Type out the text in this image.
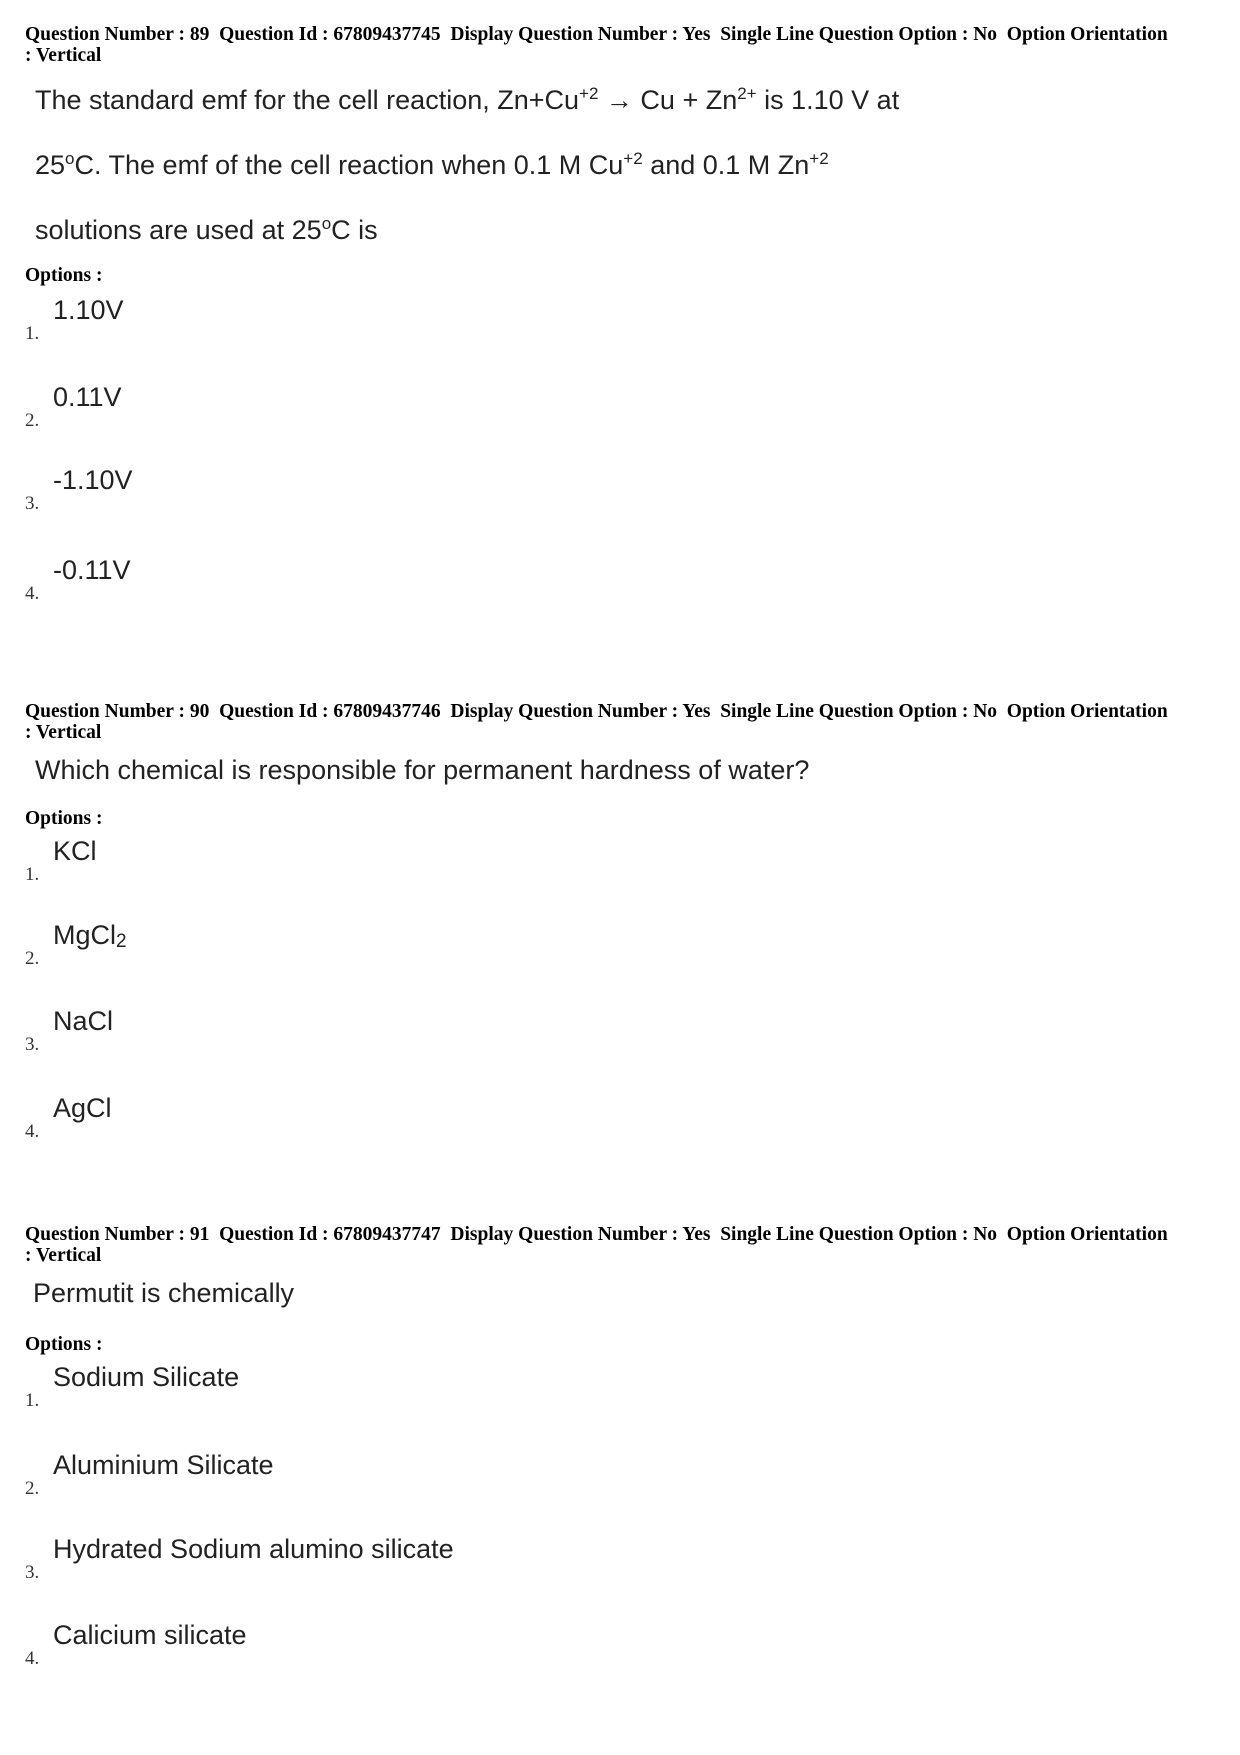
Question Number : 89  Question Id : 67809437745  Display Question Number : Yes  Single Line Question Option : No  Option Orientation : Vertical
The standard emf for the cell reaction, $Zn+Cu^{+2} \to Cu + Zn^{2+}$ is 1.10 V at
25$^o$C. The emf of the cell reaction when 0.1 M $Cu^{+2}$ and 0.1 M $Zn^{+2}$
solutions are used at 25$^o$C is
Options :
1.
1.10V
2.
0.11V
3.
-1.10V
4.
-0.11V
Question Number : 90  Question Id : 67809437746  Display Question Number : Yes  Single Line Question Option : No  Option Orientation : Vertical
Which chemical is responsible for permanent hardness of water?
Options :
1.
KCl
2.
MgCl$_2$
3.
NaCl
4.
AgCl
Question Number : 91  Question Id : 67809437747  Display Question Number : Yes  Single Line Question Option : No  Option Orientation : Vertical
Permutit is chemically
Options :
1.
Sodium Silicate
2.
Aluminium Silicate
3.
Hydrated Sodium alumino silicate
4.
Calicium silicate
